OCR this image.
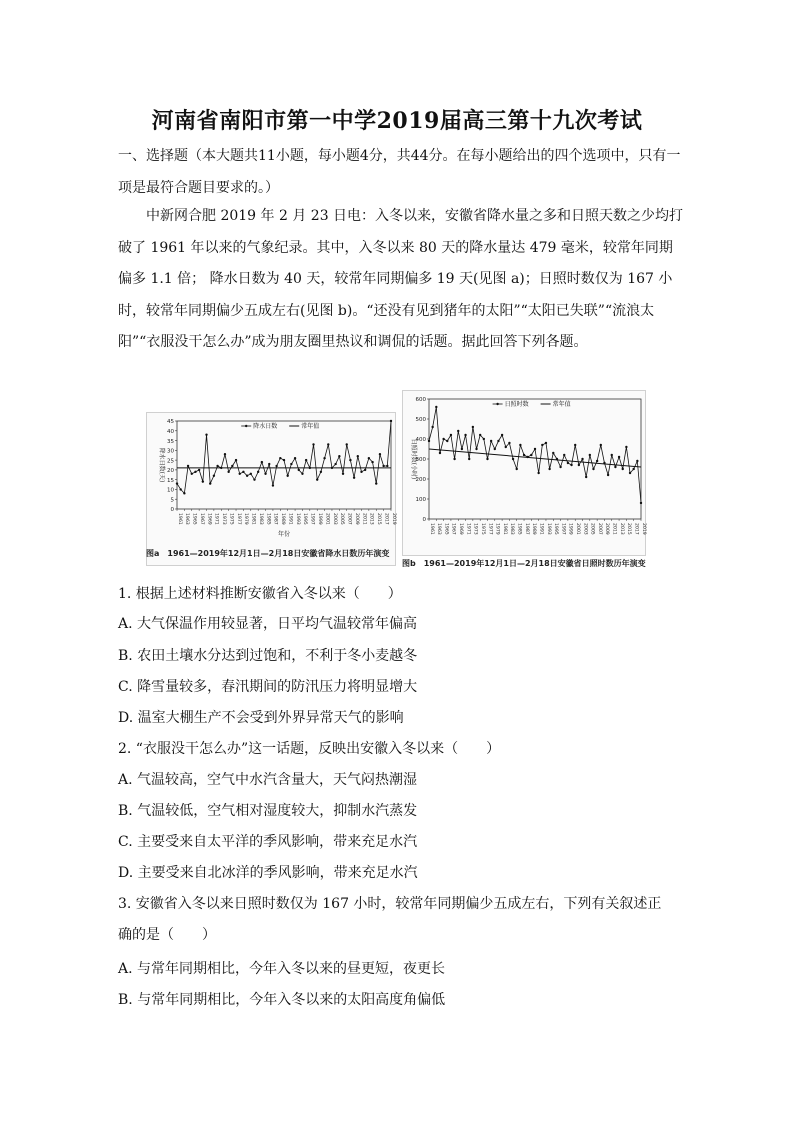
河南省南阳市第一中学2019届高三第十九次考试
一、选择题（本大题共11小题，每小题4分，共44分。在每小题给出的四个选项中，只有一项是最符合题目要求的。）
中新网合肥 2019 年 2 月 23 日电：入冬以来，安徽省降水量之多和日照天数之少均打破了 1961 年以来的气象纪录。其中，入冬以来 80 天的降水量达 479 毫米，较常年同期偏多 1.1 倍； 降水日数为 40 天，较常年同期偏多 19 天(见图 a)；日照时数仅为 167 小时，较常年同期偏少五成左右(见图 b)。“还没有见到猪年的太阳”“太阳已失联”“流浪太阳”“衣服没干怎么办”成为朋友圈里热议和调侃的话题。据此回答下列各题。
0
5
10
15
20
25
30
35
40
45
1961 1963 1965 1967 1969 1971 1973 1975 1977 1979 1981 1983 1985 1987 1989 1991 1993 1995 1997 1999 2001 2003 2005 2007 2009 2011 2013 2015 2017 2019
降水日数	常年值
降水日数(天)
年份
图a　1961—2019年12月1日—2月18日安徽省降水日数历年演变
0
100
200
300
400
500
600
1961 1963 1965 1967 1969 1971 1973 1975 1977 1979 1981 1983 1985 1987 1989 1991 1993 1995 1997 1999 2001 2003 2005 2007 2009 2011 2013 2015 2017 2019
日照时数	常年值
日照时数(小时)
图b　1961—2019年12月1日—2月18日安徽省日照时数历年演变
1. 根据上述材料推断安徽省入冬以来（　　）
A. 大气保温作用较显著，日平均气温较常年偏高
B. 农田土壤水分达到过饱和，不利于冬小麦越冬
C. 降雪量较多，春汛期间的防汛压力将明显增大
D. 温室大棚生产不会受到外界异常天气的影响
2. “衣服没干怎么办”这一话题，反映出安徽入冬以来（　　）
A. 气温较高，空气中水汽含量大，天气闷热潮湿
B. 气温较低，空气相对湿度较大，抑制水汽蒸发
C. 主要受来自太平洋的季风影响，带来充足水汽
D. 主要受来自北冰洋的季风影响，带来充足水汽
3. 安徽省入冬以来日照时数仅为 167 小时，较常年同期偏少五成左右，下列有关叙述正
确的是（　　）
A. 与常年同期相比，今年入冬以来的昼更短，夜更长
B. 与常年同期相比，今年入冬以来的太阳高度角偏低
